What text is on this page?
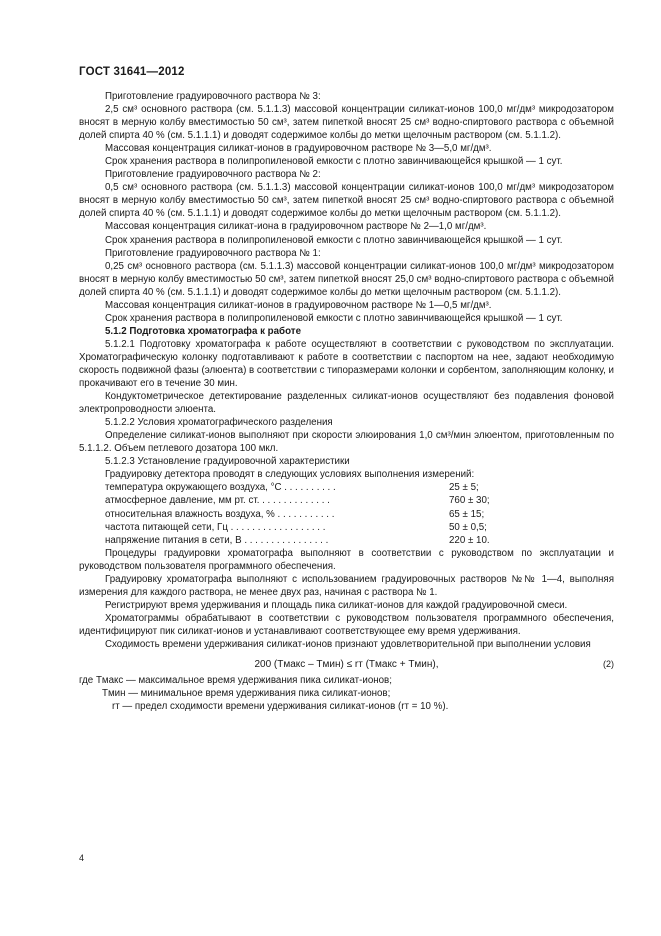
ГОСТ 31641—2012

Приготовление градуировочного раствора № 3:

2,5 см³ основного раствора (см. 5.1.1.3) массовой концентрации силикат-ионов 100,0 мг/дм³ микродозатором вносят в мерную колбу вместимостью 50 см³, затем пипеткой вносят 25 см³ водно-спиртового раствора с объемной долей спирта 40 % (см. 5.1.1.1) и доводят содержимое колбы до метки щелочным раствором (см. 5.1.1.2).

Массовая концентрация силикат-ионов в градуировочном растворе № 3—5,0 мг/дм³.

Срок хранения раствора в полипропиленовой емкости с плотно завинчивающейся крышкой — 1 сут.

Приготовление градуировочного раствора № 2:

0,5 см³ основного раствора (см. 5.1.1.3) массовой концентрации силикат-ионов 100,0 мг/дм³ микродозатором вносят в мерную колбу вместимостью 50 см³, затем пипеткой вносят 25 см³ водно-спиртового раствора с объемной долей спирта 40 % (см. 5.1.1.1) и доводят содержимое колбы до метки щелочным раствором (см. 5.1.1.2).

Массовая концентрация силикат-иона в градуировочном растворе № 2—1,0 мг/дм³.

Срок хранения раствора в полипропиленовой емкости с плотно завинчивающейся крышкой — 1 сут.

Приготовление градуировочного раствора № 1:

0,25 см³ основного раствора (см. 5.1.1.3) массовой концентрации силикат-ионов 100,0 мг/дм³ микродозатором вносят в мерную колбу вместимостью 50 см³, затем пипеткой вносят 25,0 см³ водно-спиртового раствора с объемной долей спирта 40 % (см. 5.1.1.1) и доводят содержимое колбы до метки щелочным раствором (см. 5.1.1.2).

Массовая концентрация силикат-ионов в градуировочном растворе № 1—0,5 мг/дм³.

Срок хранения раствора в полипропиленовой емкости с плотно завинчивающейся крышкой — 1 сут.

5.1.2 Подготовка хроматографа к работе

5.1.2.1 Подготовку хроматографа к работе осуществляют в соответствии с руководством по эксплуатации. Хроматографическую колонку подготавливают к работе в соответствии с паспортом на нее, задают необходимую скорость подвижной фазы (элюента) в соответствии с типоразмерами колонки и сорбентом, заполняющим колонку, и прокачивают его в течение 30 мин.

Кондуктометрическое детектирование разделенных силикат-ионов осуществляют без подавления фоновой электропроводности элюента.

5.1.2.2 Условия хроматографического разделения

Определение силикат-ионов выполняют при скорости элюирования 1,0 см³/мин элюентом, приготовленным по 5.1.1.2. Объем петлевого дозатора 100 мкл.

5.1.2.3 Установление градуировочной характеристики

Градуировку детектора проводят в следующих условиях выполнения измерений:

температура окружающего воздуха, °С . . . . . . . . . .	25 ± 5;
атмосферное давление, мм рт. ст. . . . . . . . . . . . . .	760 ± 30;
относительная влажность воздуха, % . . . . . . . . . . .	65 ± 15;
частота питающей сети, Гц . . . . . . . . . . . . . . . . . .	50 ± 0,5;
напряжение питания в сети, В . . . . . . . . . . . . . . . .	220 ± 10.

Процедуры градуировки хроматографа выполняют в соответствии с руководством по эксплуатации и руководством пользователя программного обеспечения.

Градуировку хроматографа выполняют с использованием градуировочных растворов №№ 1—4, выполняя измерения для каждого раствора, не менее двух раз, начиная с раствора № 1.

Регистрируют время удерживания и площадь пика силикат-ионов для каждой градуировочной смеси.

Хроматограммы обрабатывают в соответствии с руководством пользователя программного обеспечения, идентифицируют пик силикат-ионов и устанавливают соответствующее ему время удерживания.

Сходимость времени удерживания силикат-ионов признают удовлетворительной при выполнении условия

200 (Tмакс – Tмин) ≤ rт (Tмакс + Tмин),	(2)
где Tмакс — максимальное время удерживания пика силикат-ионов;
Tмин — минимальное время удерживания пика силикат-ионов;
rт — предел сходимости времени удерживания силикат-ионов (rт = 10 %).
4
